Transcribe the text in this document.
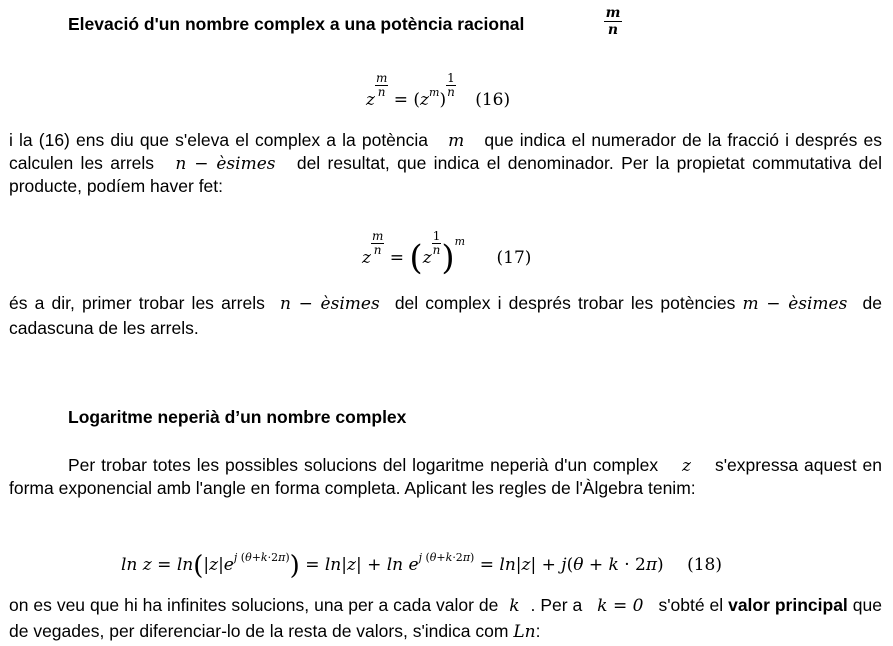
Elevació d'un nombre complex a una potència racional	$\frac{m}{n}$
z
$\frac{m}{n}$
= $(z^m)$
$\frac{1}{n}$
(16)
i la (16) ens diu que s'eleva el complex a la potència m que indica el numerador de la fracció i després es calculen les arrels n − èsimes del resultat, que indica el denominador. Per la propietat commutativa del producte, podíem haver fet:
z
$\frac{m}{n}$
= (z
$\frac{1}{n} )^m$ (17)
és a dir, primer trobar les arrels n − èsimes del complex i després trobar les potències m − èsimes de cadascuna de les arrels.
Logaritme neperià d’un nombre complex
Per trobar totes les possibles solucions del logaritme neperià d'un complex z s'expressa aquest en forma exponencial amb l'angle en forma completa. Aplicant les regles de l'Àlgebra tenim:
$\ln z = \ln(|z|e^{j (\theta+k\cdot 2\pi)}) = \ln|z| + \ln e^{j (\theta+k\cdot 2\pi)} = \ln|z| + j(\theta + k \cdot 2\pi)$ (18)
on es veu que hi ha infinites solucions, una per a cada valor de k . Per a k = 0 s'obté el valor principal que de vegades, per diferenciar-lo de la resta de valors, s'indica com Ln:
